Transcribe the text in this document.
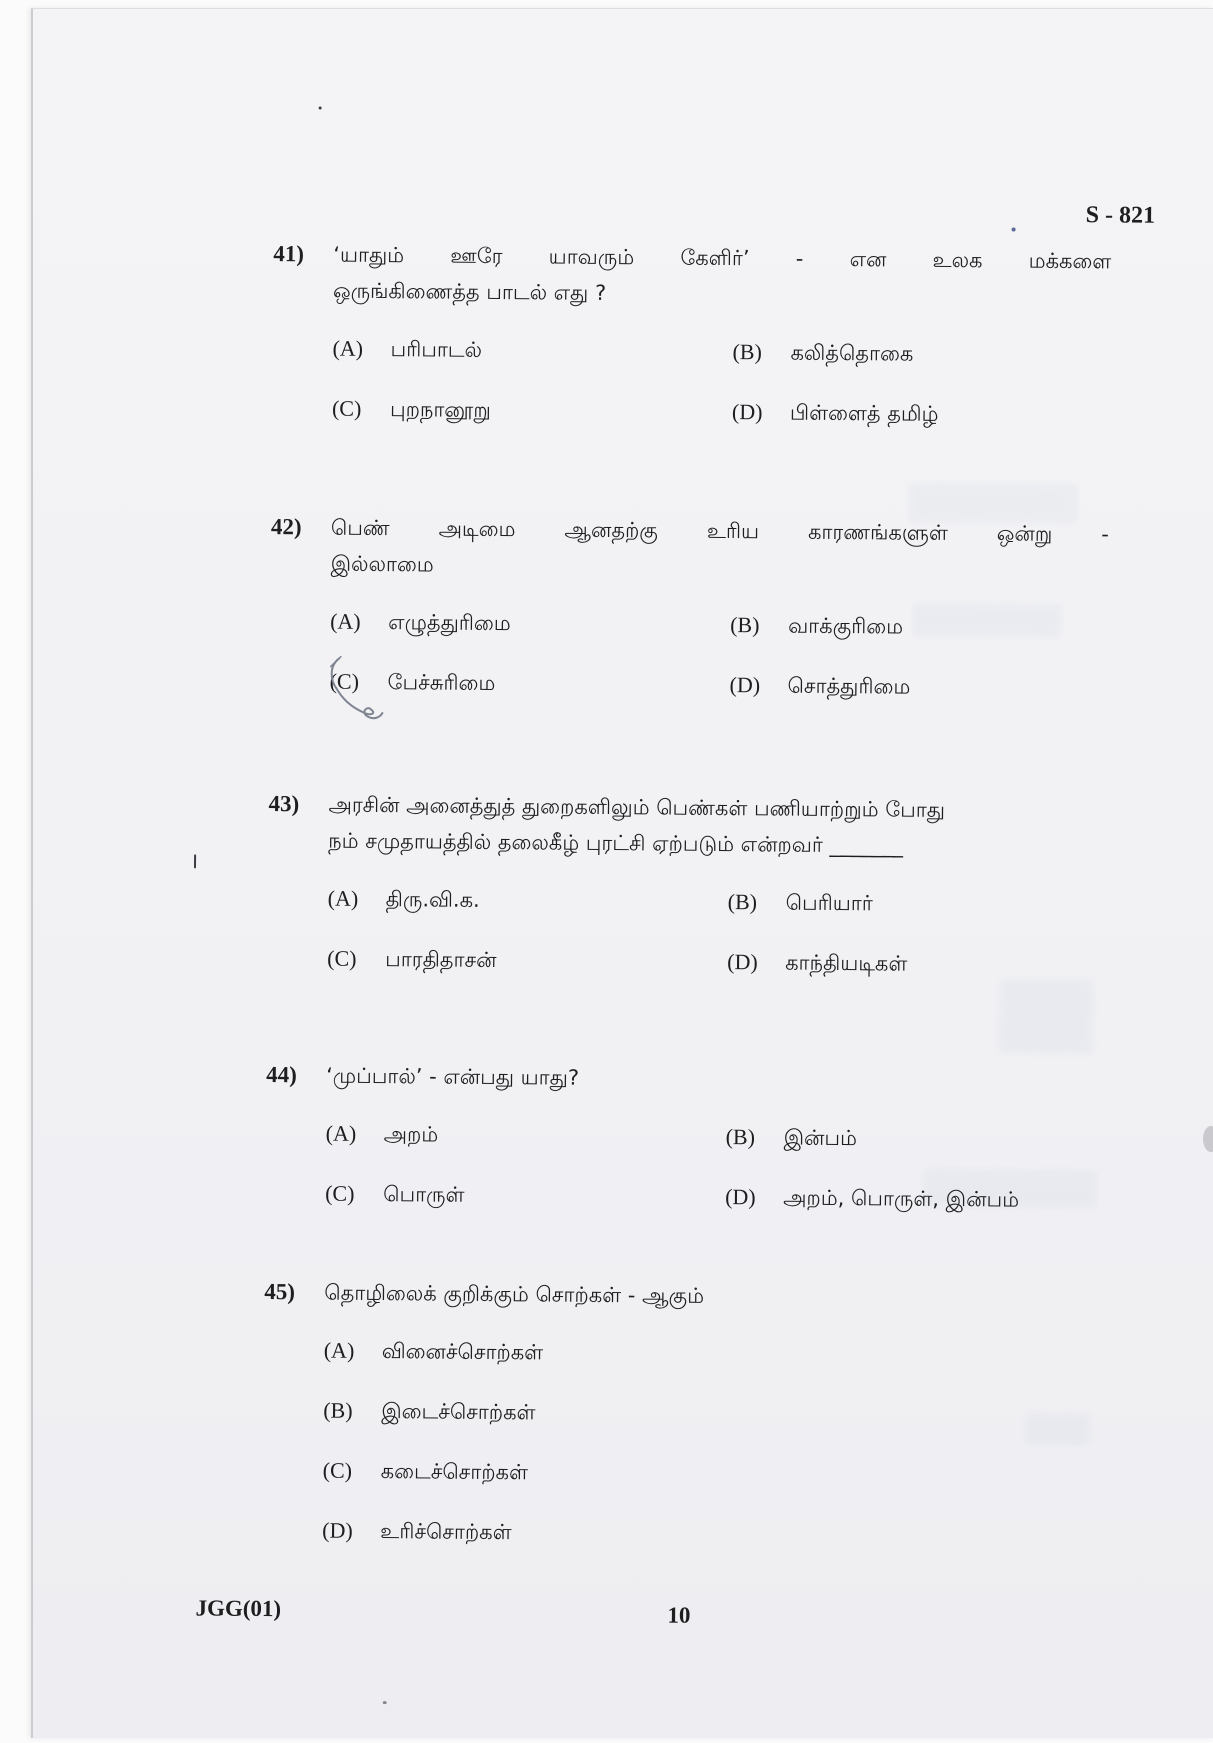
S - 821
41)	‘யாதும் ஊரே யாவரும் கேளிர்’ - என உலக மக்களை
ஒருங்கிணைத்த பாடல் எது ?
(A)	பரிபாடல்	(B)	கலித்தொகை
(C)	புறநானூறு	(D)	பிள்ளைத் தமிழ்
42)	பெண் அடிமை ஆனதற்கு உரிய காரணங்களுள் ஒன்று -
இல்லாமை
(A)	எழுத்துரிமை	(B)	வாக்குரிமை
(C)	பேச்சுரிமை	(D)	சொத்துரிமை
43)	அரசின் அனைத்துத் துறைகளிலும் பெண்கள் பணியாற்றும் போது
நம் சமுதாயத்தில் தலைகீழ் புரட்சி ஏற்படும் என்றவர் _______
(A)	திரு.வி.க.	(B)	பெரியார்
(C)	பாரதிதாசன்	(D)	காந்தியடிகள்
44)	‘முப்பால்’ - என்பது யாது?
(A)	அறம்	(B)	இன்பம்
(C)	பொருள்	(D)	அறம், பொருள், இன்பம்
45)	தொழிலைக் குறிக்கும் சொற்கள் - ஆகும்
(A)	வினைச்சொற்கள்
(B)	இடைச்சொற்கள்
(C)	கடைச்சொற்கள்
(D)	உரிச்சொற்கள்
JGG(01)	10
